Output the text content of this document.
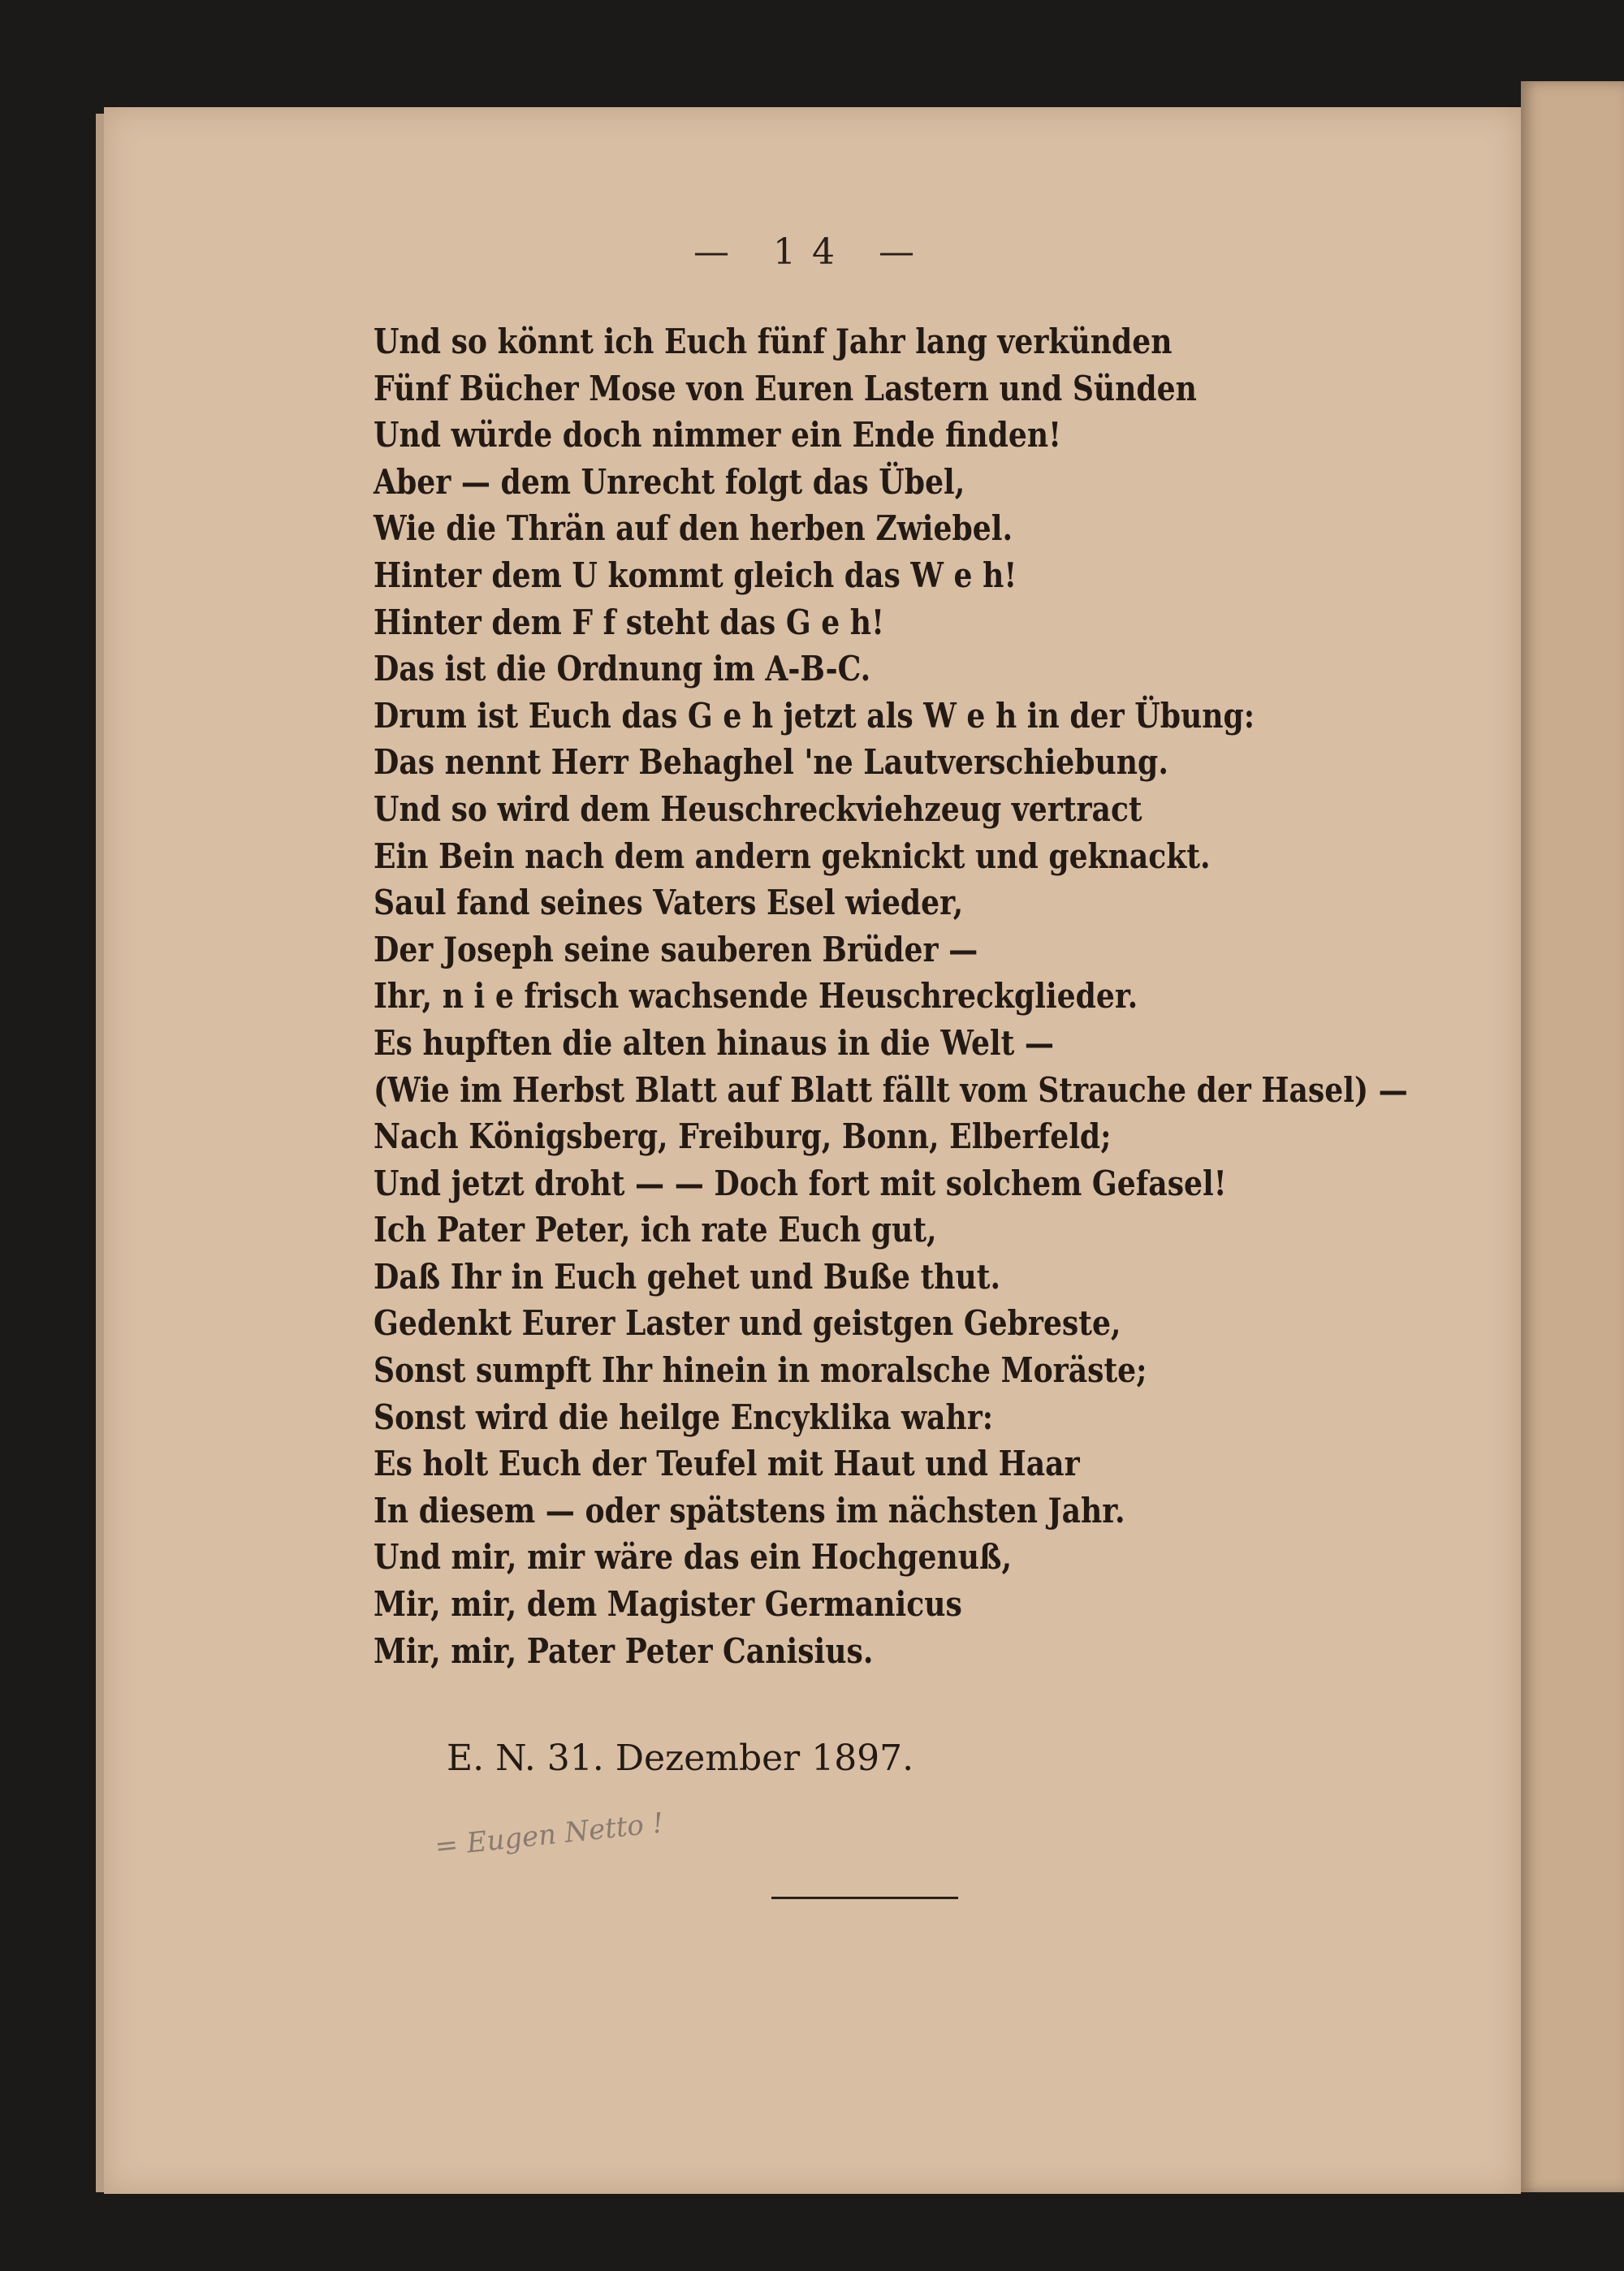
— 14 —
Und so könnt ich Euch fünf Jahr lang verkünden
Fünf Bücher Mose von Euren Lastern und Sünden
Und würde doch nimmer ein Ende finden!
Aber — dem Unrecht folgt das Übel,
Wie die Thrän auf den herben Zwiebel.
Hinter dem U kommt gleich das W e h!
Hinter dem F f steht das G e h!
Das ist die Ordnung im A-B-C.
Drum ist Euch das G e h jetzt als W e h in der Übung:
Das nennt Herr Behaghel 'ne Lautverschiebung.
Und so wird dem Heuschreckviehzeug vertract
Ein Bein nach dem andern geknickt und geknackt.
Saul fand seines Vaters Esel wieder,
Der Joseph seine sauberen Brüder —
Ihr, n i e frisch wachsende Heuschreckglieder.
Es hupften die alten hinaus in die Welt —
(Wie im Herbst Blatt auf Blatt fällt vom Strauche der Hasel) —
Nach Königsberg, Freiburg, Bonn, Elberfeld;
Und jetzt droht — — Doch fort mit solchem Gefasel!
Ich Pater Peter, ich rate Euch gut,
Daß Ihr in Euch gehet und Buße thut.
Gedenkt Eurer Laster und geistgen Gebreste,
Sonst sumpft Ihr hinein in moralsche Moräste;
Sonst wird die heilge Encyklika wahr:
Es holt Euch der Teufel mit Haut und Haar
In diesem — oder spätstens im nächsten Jahr.
Und mir, mir wäre das ein Hochgenuß,
Mir, mir, dem Magister Germanicus
Mir, mir, Pater Peter Canisius.
E. N. 31. Dezember 1897.
= Eugen Netto !
